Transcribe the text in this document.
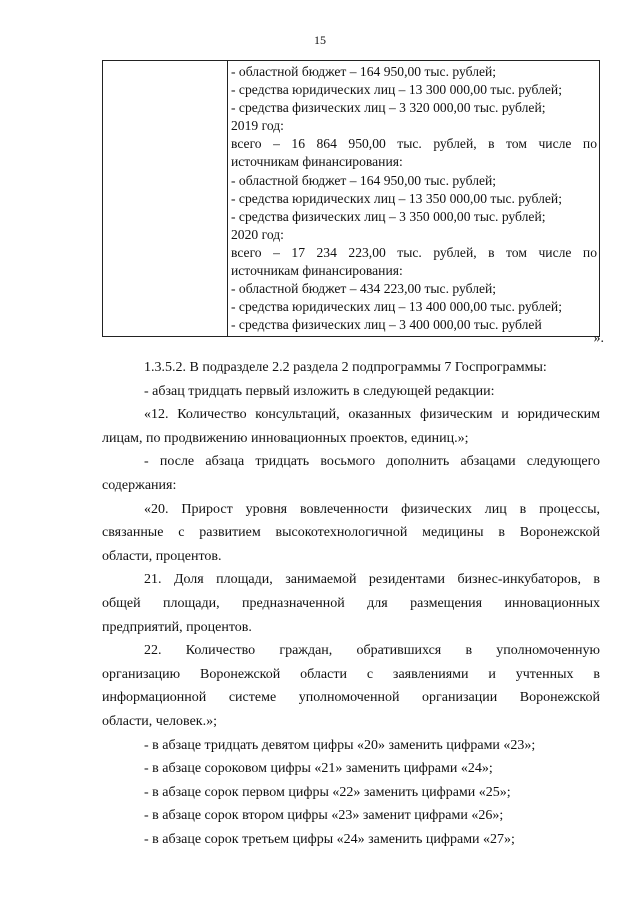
15

- областной бюджет – 164 950,00 тыс. рублей;
- средства юридических лиц – 13 300 000,00 тыс. рублей;
- средства физических лиц – 3 320 000,00 тыс. рублей;
2019 год:
всего – 16 864 950,00 тыс. рублей, в том числе по
источникам финансирования:
- областной бюджет – 164 950,00 тыс. рублей;
- средства юридических лиц – 13 350 000,00 тыс. рублей;
- средства физических лиц – 3 350 000,00 тыс. рублей;
2020 год:
всего – 17 234 223,00 тыс. рублей, в том числе по
источникам финансирования:
- областной бюджет – 434 223,00 тыс. рублей;
- средства юридических лиц – 13 400 000,00 тыс. рублей;
- средства физических лиц – 3 400 000,00 тыс. рублей
».
1.3.5.2. В подразделе 2.2 раздела 2 подпрограммы 7 Госпрограммы:
- абзац тридцать первый изложить в следующей редакции:
«12. Количество консультаций, оказанных физическим и юридическим
лицам, по продвижению инновационных проектов, единиц.»;
- после абзаца тридцать восьмого дополнить абзацами следующего
содержания:
«20. Прирост уровня вовлеченности физических лиц в процессы,
связанные с развитием высокотехнологичной медицины в Воронежской
области, процентов.
21. Доля площади, занимаемой резидентами бизнес-инкубаторов, в
общей площади, предназначенной для размещения инновационных
предприятий, процентов.
22. Количество граждан, обратившихся в уполномоченную
организацию Воронежской области с заявлениями и учтенных в
информационной системе уполномоченной организации Воронежской
области, человек.»;
- в абзаце тридцать девятом цифры «20» заменить цифрами «23»;
- в абзаце сороковом цифры «21» заменить цифрами «24»;
- в абзаце сорок первом цифры «22» заменить цифрами «25»;
- в абзаце сорок втором цифры «23» заменит цифрами «26»;
- в абзаце сорок третьем цифры «24» заменить цифрами «27»;
